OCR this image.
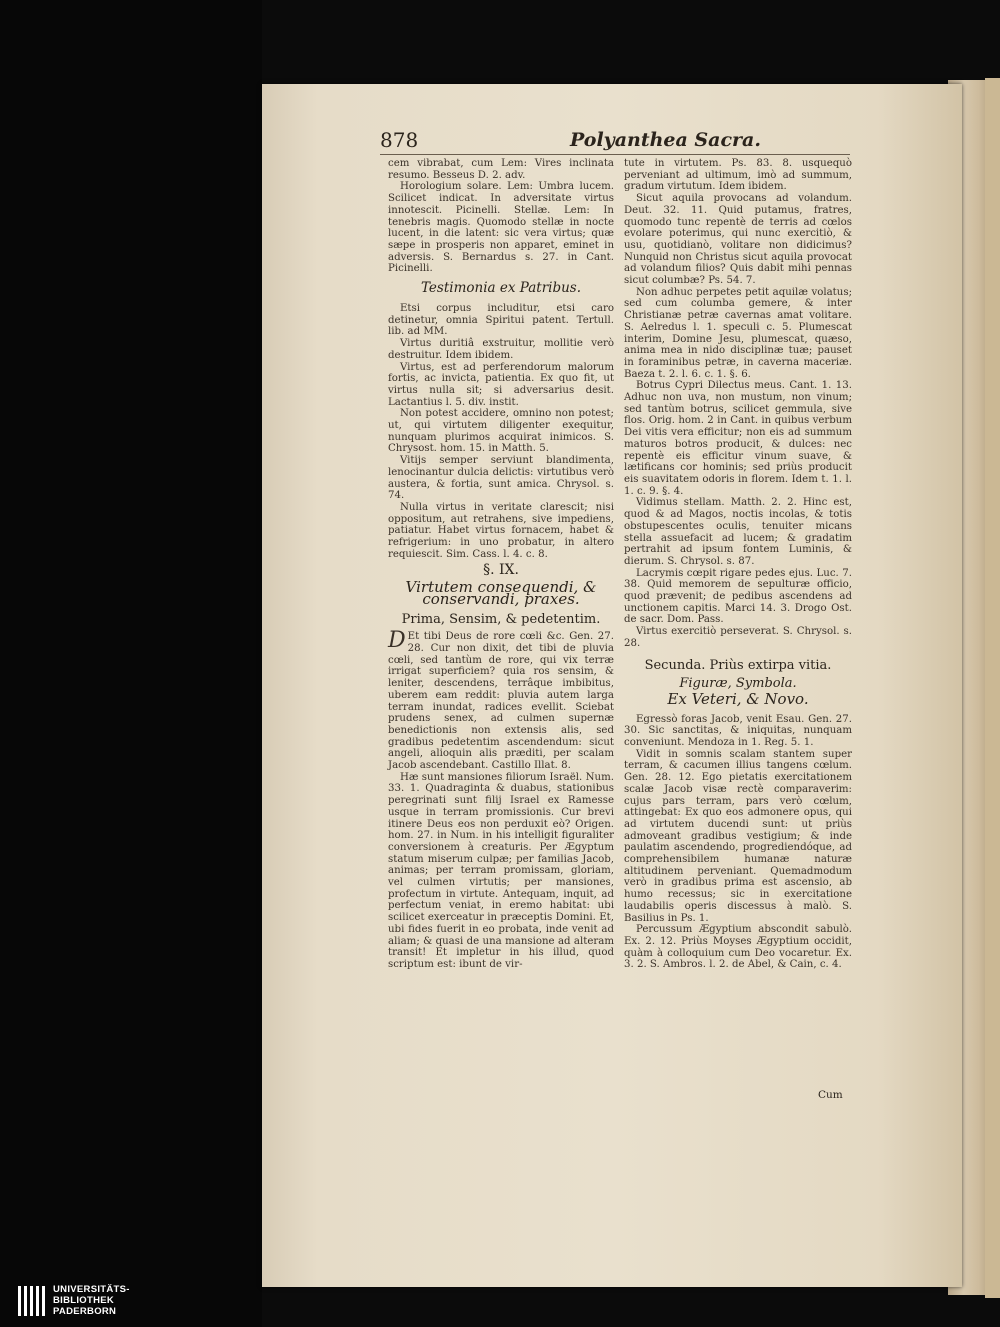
878	Polyanthea Sacra.

cem vibrabat, cum Lem: Vires inclinata resumo. Besseus D. 2. adv.

Horologium solare. Lem: Umbra lucem. Scilicet indicat. In adversitate virtus innotescit. Picinelli. Stellæ. Lem: In tenebris magis. Quomodo stellæ in nocte lucent, in die latent: sic vera virtus; quæ sæpe in prosperis non apparet, eminet in adversis. S. Bernardus s. 27. in Cant. Picinelli.

Testimonia ex Patribus.

Etsi corpus includitur, etsi caro detinetur, omnia Spiritui patent. Tertull. lib. ad MM.

Virtus duritiâ exstruitur, mollitie verò destruitur. Idem ibidem.

Virtus, est ad perferendorum malorum fortis, ac invicta, patientia. Ex quo fit, ut virtus nulla sit; si adversarius desit. Lactantius l. 5. div. instit.

Non potest accidere, omnino non potest; ut, qui virtutem diligenter exequitur, nunquam plurimos acquirat inimicos. S. Chrysost. hom. 15. in Matth. 5.

Vitijs semper serviunt blandimenta, lenocinantur dulcia delictis: virtutibus verò austera, & fortia, sunt amica. Chrysol. s. 74.

Nulla virtus in veritate clarescit; nisi oppositum, aut retrahens, sive impediens, patiatur. Habet virtus fornacem, habet & refrigerium: in uno probatur, in altero requiescit. Sim. Cass. l. 4. c. 8.

§. IX.
Virtutem consequendi, & conservandi, praxes.
Prima, Sensim, & pedetentim.

D Et tibi Deus de rore cœli &c. Gen. 27. 28. Cur non dixit, det tibi de pluvia cœli, sed tantùm de rore, qui vix terræ irrigat superficiem? quia ros sensim, & leniter, descendens, terrâque imbibitus, uberem eam reddit: pluvia autem larga terram inundat, radices evellit. Sciebat prudens senex, ad culmen supernæ benedictionis non extensis alis, sed gradibus pedetentim ascendendum: sicut angeli, alioquin alis præditi, per scalam Jacob ascendebant. Castillo Illat. 8.

Hæ sunt mansiones filiorum Israël. Num. 33. 1. Quadraginta & duabus, stationibus peregrinati sunt filij Israel ex Ramesse usque in terram promissionis. Cur brevi itinere Deus eos non perduxit eò? Origen. hom. 27. in Num. in his intelligit figuraliter conversionem à creaturis. Per Ægyptum statum miserum culpæ; per familias Jacob, animas; per terram promissam, gloriam, vel culmen virtutis; per mansiones, profectum in virtute. Antequam, inquit, ad perfectum veniat, in eremo habitat: ubi scilicet exerceatur in præceptis Domini. Et, ubi fides fuerit in eo probata, inde venit ad aliam; & quasi de una mansione ad alteram transit! Et impletur in his illud, quod scriptum est: ibunt de vir-

tute in virtutem. Ps. 83. 8. usquequò perveniant ad ultimum, imò ad summum, gradum virtutum. Idem ibidem.

Sicut aquila provocans ad volandum. Deut. 32. 11. Quid putamus, fratres, quomodo tunc repentè de terris ad cœlos evolare poterimus, qui nunc exercitiò, & usu, quotidianò, volitare non didicimus? Nunquid non Christus sicut aquila provocat ad volandum filios? Quis dabit mihi pennas sicut columbæ? Ps. 54. 7.

Non adhuc perpetes petit aquilæ volatus; sed cum columba gemere, & inter Christianæ petræ cavernas amat volitare. S. Aelredus l. 1. speculi c. 5. Plumescat interim, Domine Jesu, plumescat, quæso, anima mea in nido disciplinæ tuæ; pauset in foraminibus petræ, in caverna maceriæ. Baeza t. 2. l. 6. c. 1. §. 6.

Botrus Cypri Dilectus meus. Cant. 1. 13. Adhuc non uva, non mustum, non vinum; sed tantùm botrus, scilicet gemmula, sive flos. Orig. hom. 2 in Cant. in quibus verbum Dei vitis vera efficitur; non eis ad summum maturos botros producit, & dulces: nec repentè eis efficitur vinum suave, & lætificans cor hominis; sed priùs producit eis suavitatem odoris in florem. Idem t. 1. l. 1. c. 9. §. 4.

Vidimus stellam. Matth. 2. 2. Hinc est, quod & ad Magos, noctis incolas, & totis obstupescentes oculis, tenuiter micans stella assuefacit ad lucem; & gradatim pertrahit ad ipsum fontem Luminis, & dierum. S. Chrysol. s. 87.

Lacrymis cœpit rigare pedes ejus. Luc. 7. 38. Quid memorem de sepulturæ officio, quod prævenit; de pedibus ascendens ad unctionem capitis. Marci 14. 3. Drogo Ost. de sacr. Dom. Pass.

Virtus exercitiò perseverat. S. Chrysol. s. 28.

Secunda. Priùs extirpa vitia.
Figuræ, Symbola.
Ex Veteri, & Novo.

Egressò foras Jacob, venit Esau. Gen. 27. 30. Sic sanctitas, & iniquitas, nunquam conveniunt. Mendoza in 1. Reg. 5. 1.

Vidit in somnis scalam stantem super terram, & cacumen illius tangens cœlum. Gen. 28. 12. Ego pietatis exercitationem scalæ Jacob visæ rectè comparaverim: cujus pars terram, pars verò cœlum, attingebat: Ex quo eos admonere opus, qui ad virtutem ducendi sunt: ut priùs admoveant gradibus vestigium; & inde paulatim ascendendo, progrediendóque, ad comprehensibilem humanæ naturæ altitudinem perveniant. Quemadmodum verò in gradibus prima est ascensio, ab humo recessus; sic in exercitatione laudabilis operis discessus à malò. S. Basilius in Ps. 1.

Percussum Ægyptium abscondit sabulò. Ex. 2. 12. Priùs Moyses Ægyptium occidit, quàm à colloquium cum Deo vocaretur. Ex. 3. 2. S. Ambros. l. 2. de Abel, & Cain, c. 4.

Cum
UNIVERSITÄTS-
BIBLIOTHEK
PADERBORN
